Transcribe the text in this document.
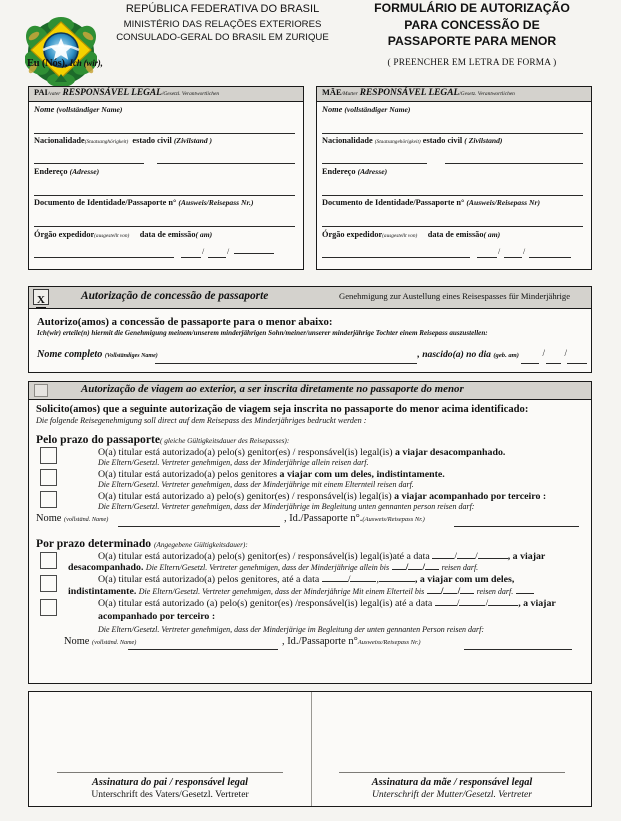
Eu (Nós), Ich (wir),
REPÚBLICA FEDERATIVA DO BRASIL
MINISTÉRIO DAS RELAÇÕES EXTERIORES
CONSULADO-GERAL DO BRASIL EM ZURIQUE
FORMULÁRIO DE AUTORIZAÇÃO
PARA CONCESSÃO DE
PASSAPORTE PARA MENOR
( PREENCHER EM LETRA DE FORMA )
PAI/vater RESPONSÁVEL LEGAL/Gesetzl. Verantwortlichen
Nome (vollständiger Name)
Nacionalidade(Staatsanghörigkeit) estado civil (Zivilstand )
Endereço (Adresse)
Documento de Identidade/Passaporte n° (Ausweis/Reisepass Nr.)
Órgão expedidor(ausgestellt von) data de emissão( am)
/	/
MÃE/Mutter RESPONSÁVEL LEGAL/Gesetz. Verantwortlichen
Nome (vollständiger Name)
Nacionalidade (Staatsangehörigkeit) estado civil ( Zivilstand)
Endereço (Adresse)
Documento de Identidade/Passaporte n° (Ausweis/Reisepass Nr)
Órgão expedidor(ausgestellt von) data de emissão( am)
/	/
X	Autorização de concessão de passaporte	Genehmigung zur Austellung eines Reisespasses für Minderjährige
Autorizo(amos) a concessão de passaporte para o menor abaixo:
Ich(wir) erteile(n) hiermit die Genehmigung meinem/unserem minderjährigen Sohn/meiner/unserer minderjährige Tochter einem Reisepass auszustellen:
Nome completo (Vollständiges Name)	, nascido(a) no dia (geb. am)	/ /
Autorização de viagem ao exterior, a ser inscrita diretamente no passaporte do menor
Solicito(amos) que a seguinte autorização de viagem seja inscrita no passaporte do menor acima identificado:
Die folgende Reisegenehmigung soll direct auf dem Reisepass des Minderjähriges bedruckt werden :
Pelo prazo do passaporte( gleiche Gültigkeitsdauer des Reisepasses):
O(a) titular está autorizado(a) pelo(s) genitor(es) / responsável(is) legal(is) a viajar desacompanhado.
Die Eltern/Gesetzl. Vertreter genehmigen, dass der Minderjährige allein reisen darf.
O(a) titular está autorizado(a) pelos genitores a viajar com um deles, indistintamente.
Die Eltern/Gesetzl. Vertreter genehmigen, dass der Minderjährige mit einem Elternteil reisen darf.
O(a) titular está autorizado a) pelo(s) genitor(es) / responsável(is) legal(is) a viajar acompanhado por terceiro :
Die Eltern/Gesetzl. Vertreter genehmigen, dass der Minderjährige im Begleitung unten gennanten person reisen darf:
Nome (vollständ. Name)	, Id./Passaporte n°.(Ausweis/Reisepass Nr.)
Por prazo determinado (Angegebene Gültigkeitsdauer):
O(a) titular está autorizado(a) pelo(s) genitor(es) / responsável(is) legal(is)até a data / /	, a viajar
desacompanhado. Die Eltern/Gesetzl. Vertreter genehmigen, dass der Minderjährige allein bis / / reisen darf.
O(a) titular está autorizado(a) pelos genitores, até a data	/	,	, a viajar com um deles,
indistintamente. Die Eltern/Gesetzl. Vertreter genehmigen, dass der Minderjährige Mit einem Elterteil bis / / reisen darf.
O(a) titular está autorizado (a) pelo(s) genitor(es) /responsável(is) legal(is) até a data /	/	, a viajar
acompanhado por terceiro :
Die Eltern/Gesetzl. Vertreter genehmigen, dass der Minderjärige im Begleitung der unten gennanten Person reisen darf:
Nome (vollständ. Name)	, Id./Passaporte n°Ausweiss/Reisepass Nr.)
Assinatura do pai / responsável legal
Unterschrift des Vaters/Gesetzl. Vertreter
Assinatura da mãe / responsável legal
Unterschrift der Mutter/Gesetzl. Vertreter
